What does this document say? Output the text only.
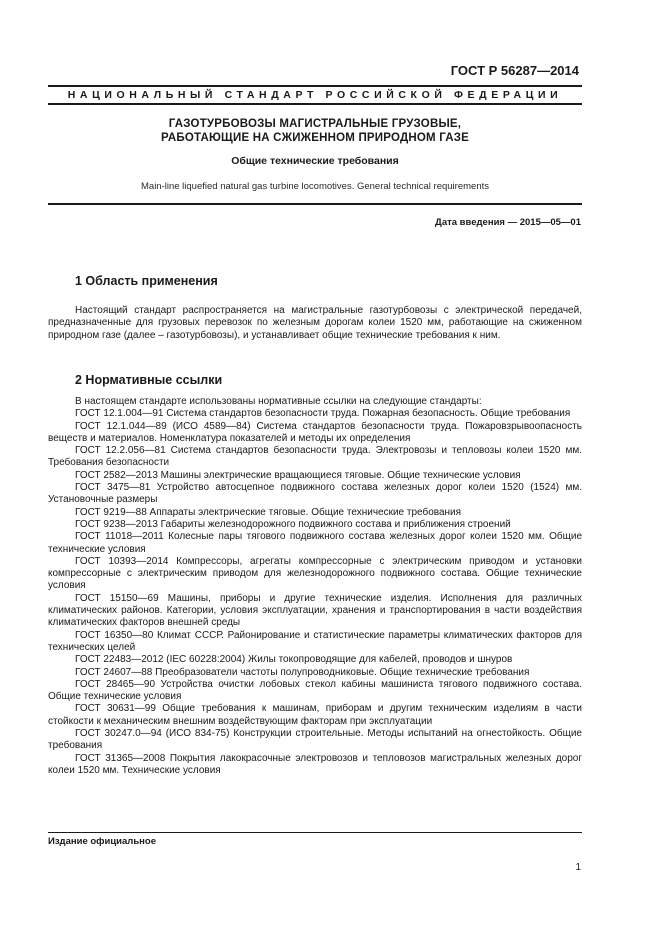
ГОСТ Р 56287—2014
НАЦИОНАЛЬНЫЙ СТАНДАРТ РОССИЙСКОЙ ФЕДЕРАЦИИ
ГАЗОТУРБОВОЗЫ МАГИСТРАЛЬНЫЕ ГРУЗОВЫЕ,
РАБОТАЮЩИЕ НА СЖИЖЕННОМ ПРИРОДНОМ ГАЗЕ
Общие технические требования
Main-line liquefied natural gas turbine locomotives. General technical requirements
Дата введения — 2015—05—01
1 Область применения

Настоящий стандарт распространяется на магистральные газотурбовозы с электрической передачей, предназначенные для грузовых перевозок по железным дорогам колеи 1520 мм, работающие на сжиженном природном газе (далее – газотурбовозы), и устанавливает общие технические требования к ним.

2 Нормативные ссылки

В настоящем стандарте использованы нормативные ссылки на следующие стандарты:

ГОСТ 12.1.004—91 Система стандартов безопасности труда. Пожарная безопасность. Общие требования

ГОСТ 12.1.044—89 (ИСО 4589—84) Система стандартов безопасности труда. Пожаровзрывоопасность веществ и материалов. Номенклатура показателей и методы их определения

ГОСТ 12.2.056—81 Система стандартов безопасности труда. Электровозы и тепловозы колеи 1520 мм. Требования безопасности

ГОСТ 2582—2013 Машины электрические вращающиеся тяговые. Общие технические условия

ГОСТ 3475—81 Устройство автосцепное подвижного состава железных дорог колеи 1520 (1524) мм. Установочные размеры

ГОСТ 9219—88 Аппараты электрические тяговые. Общие технические требования

ГОСТ 9238—2013 Габариты железнодорожного подвижного состава и приближения строений

ГОСТ 11018—2011 Колесные пары тягового подвижного состава железных дорог колеи 1520 мм. Общие технические условия

ГОСТ 10393—2014 Компрессоры, агрегаты компрессорные с электрическим приводом и установки компрессорные с электрическим приводом для железнодорожного подвижного состава. Общие технические условия

ГОСТ 15150—69 Машины, приборы и другие технические изделия. Исполнения для различных климатических районов. Категории, условия эксплуатации, хранения и транспортирования в части воздействия климатических факторов внешней среды

ГОСТ 16350—80 Климат СССР. Районирование и статистические параметры климатических факторов для технических целей

ГОСТ 22483—2012 (IEC 60228:2004) Жилы токопроводящие для кабелей, проводов и шнуров

ГОСТ 24607—88 Преобразователи частоты полупроводниковые. Общие технические требования

ГОСТ 28465—90 Устройства очистки лобовых стекол кабины машиниста тягового подвижного состава. Общие технические условия

ГОСТ 30631—99 Общие требования к машинам, приборам и другим техническим изделиям в части стойкости к механическим внешним воздействующим факторам при эксплуатации

ГОСТ 30247.0—94 (ИСО 834-75) Конструкции строительные. Методы испытаний на огнестойкость. Общие требования

ГОСТ 31365—2008 Покрытия лакокрасочные электровозов и тепловозов магистральных железных дорог колеи 1520 мм. Технические условия

Издание официальное
1
